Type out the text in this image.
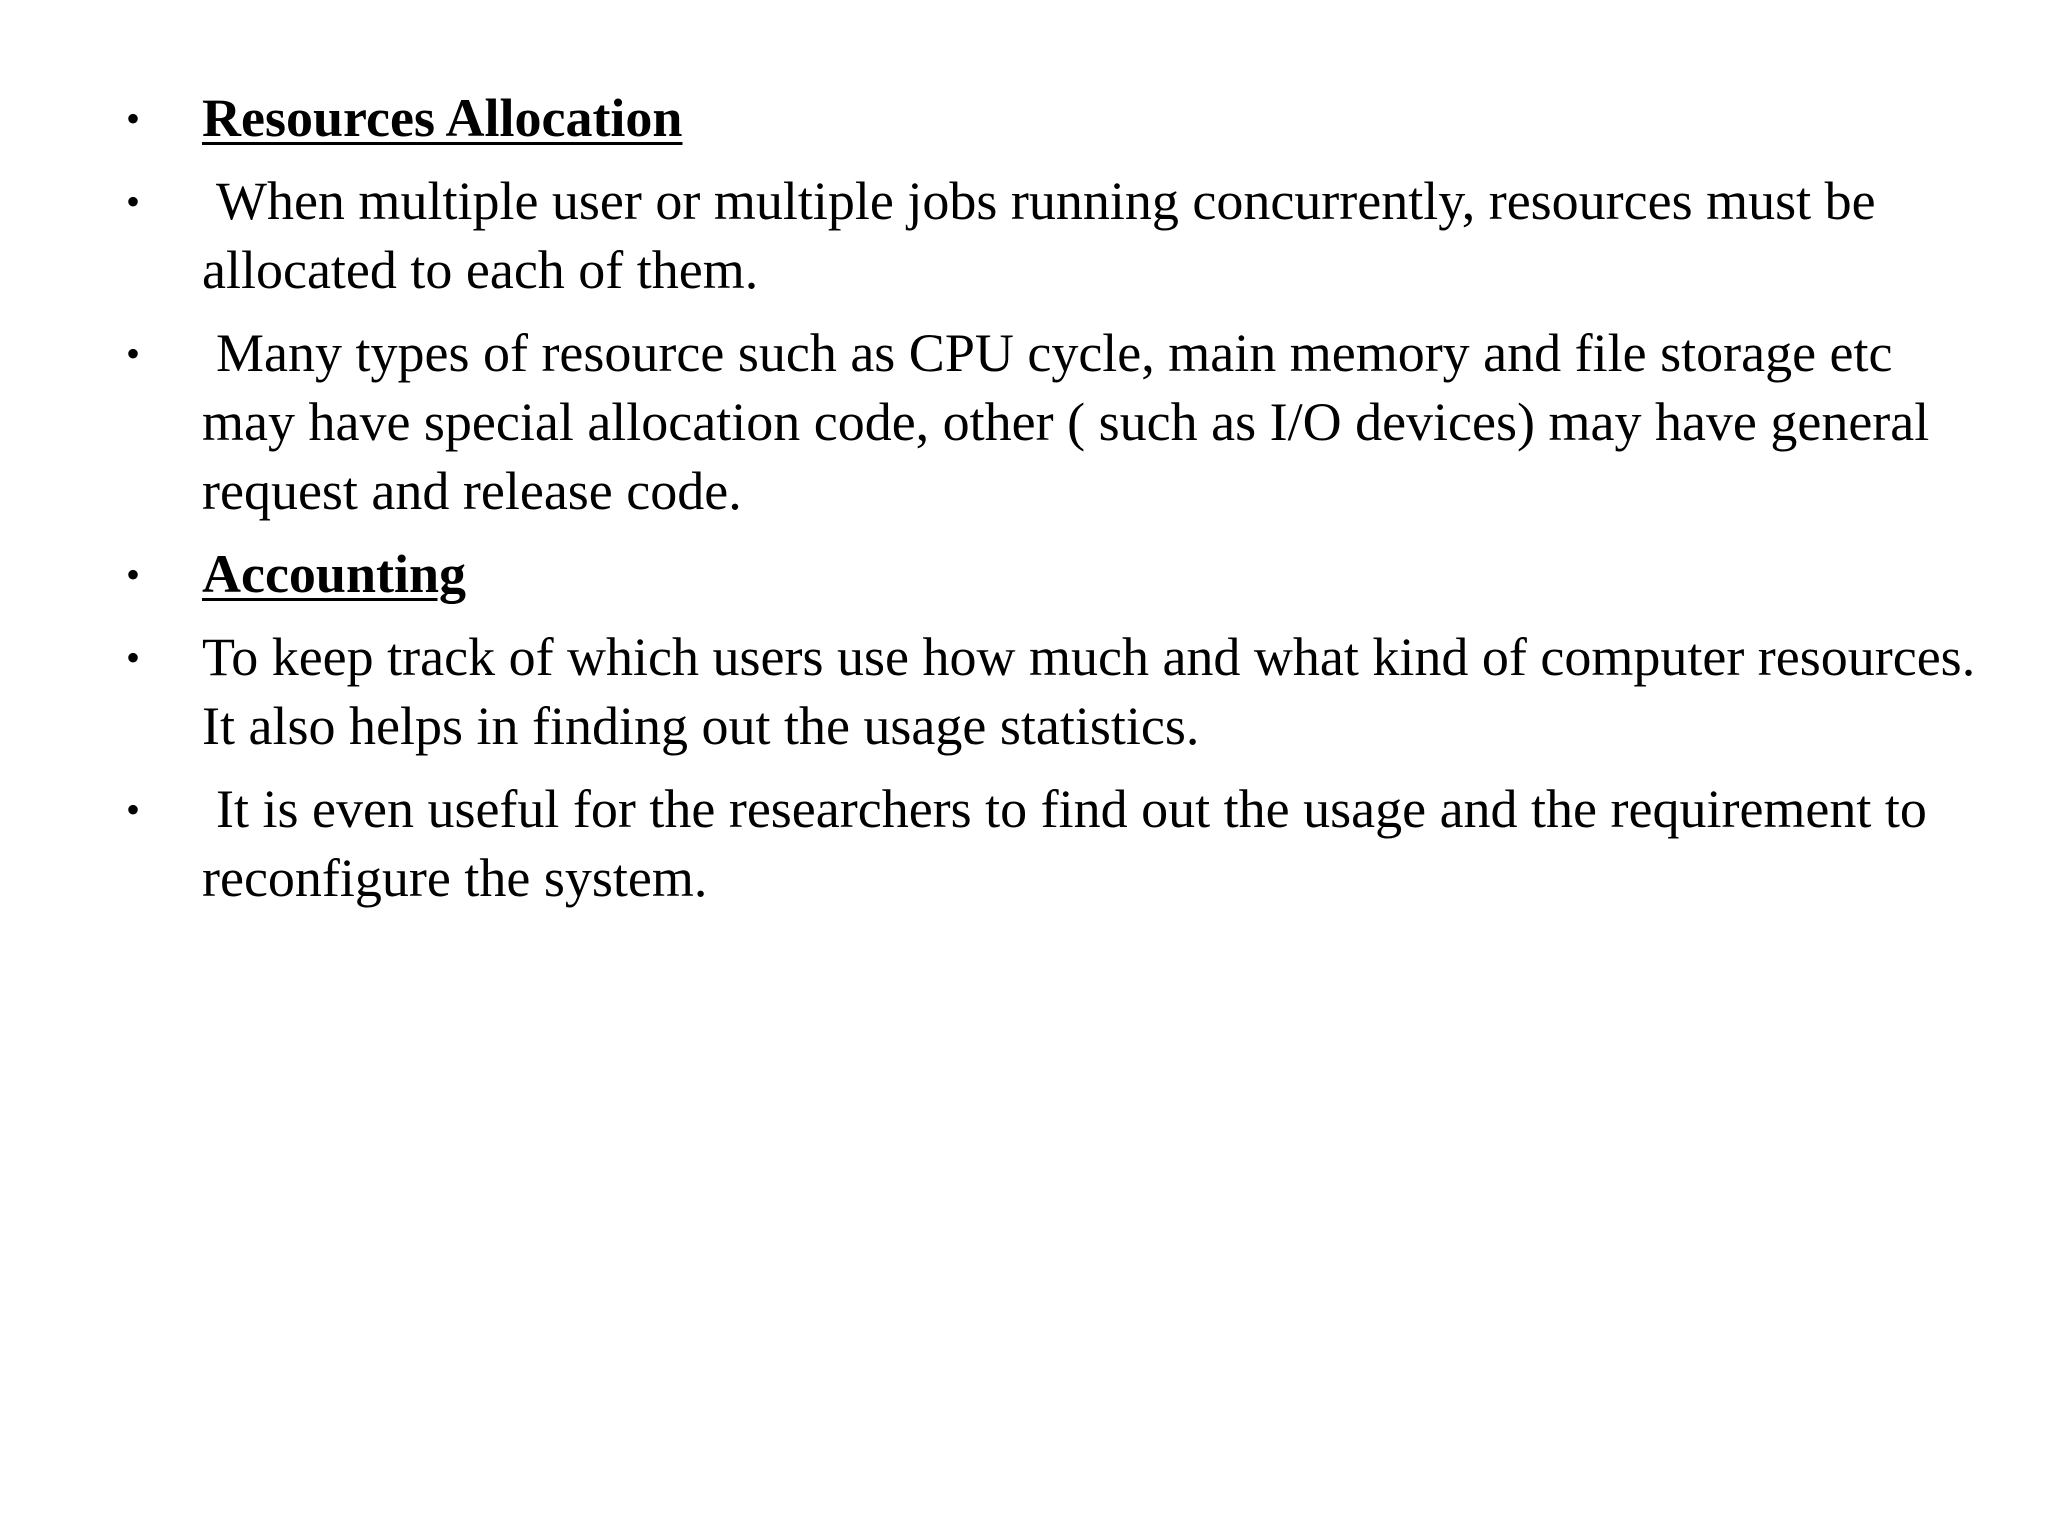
• Resources Allocation
• When multiple user or multiple jobs running concurrently, resources must be allocated to each of them.
• Many types of resource such as CPU cycle, main memory and file storage etc may have special allocation code, other ( such as I/O devices) may have general request and release code.
• Accounting
• To keep track of which users use how much and what kind of computer resources. It also helps in finding out the usage statistics.
• It is even useful for the researchers to find out the usage and the requirement to reconfigure the system.
